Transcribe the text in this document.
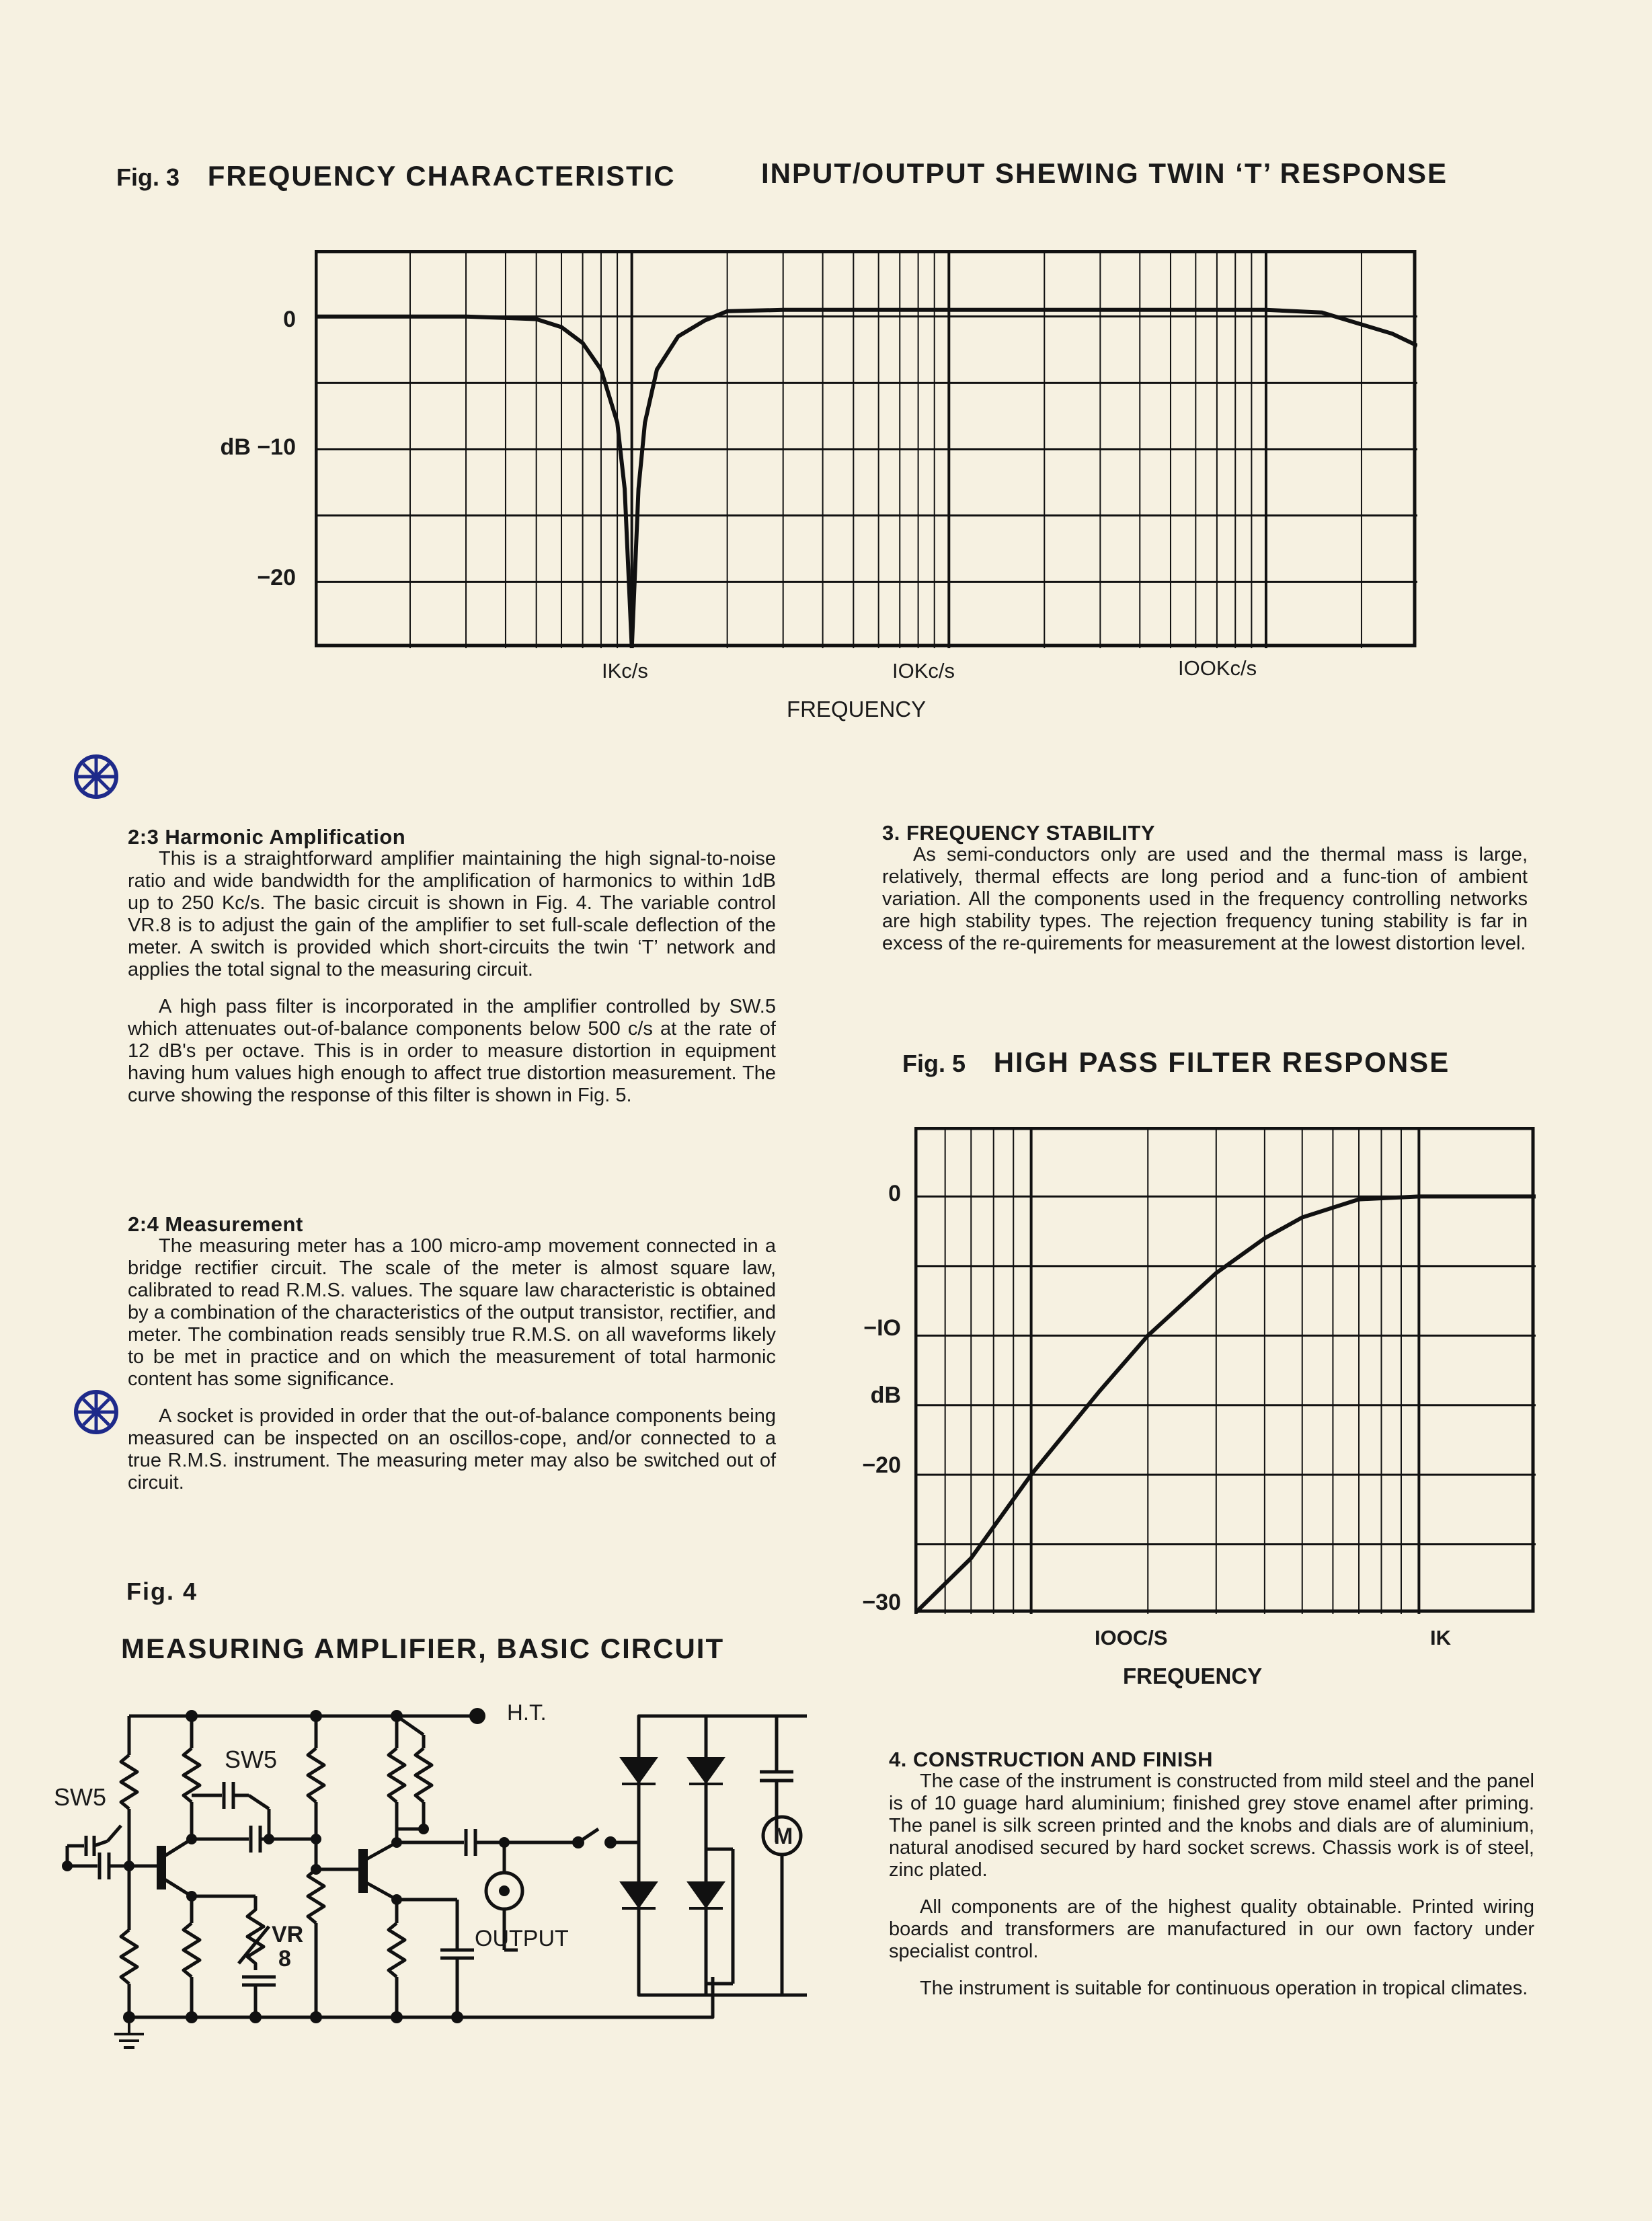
Fig. 3 FREQUENCY CHARACTERISTIC	INPUT/OUTPUT SHEWING TWIN ‘T’ RESPONSE
0
dB −10
−20
IKc/s	IOKc/s	IOOKc/s
FREQUENCY
2:3 Harmonic Amplification

This is a straightforward amplifier maintaining the high signal-to-noise ratio and wide bandwidth for the amplification of harmonics to within 1dB up to 250 Kc/s. The basic circuit is shown in Fig. 4. The variable control VR.8 is to adjust the gain of the amplifier to set full-scale deflection of the meter. A switch is provided which short-circuits the twin ‘T’ network and applies the total signal to the measuring circuit.

A high pass filter is incorporated in the amplifier controlled by SW.5 which attenuates out-of-balance components below 500 c/s at the rate of 12 dB's per octave. This is in order to measure distortion in equipment having hum values high enough to affect true distortion measurement. The curve showing the response of this filter is shown in Fig. 5.

2:4 Measurement

The measuring meter has a 100 micro-amp movement connected in a bridge rectifier circuit. The scale of the meter is almost square law, calibrated to read R.M.S. values. The square law characteristic is obtained by a combination of the characteristics of the output transistor, rectifier, and meter. The combination reads sensibly true R.M.S. on all waveforms likely to be met in practice and on which the measurement of total harmonic content has some significance.

A socket is provided in order that the out-of-balance components being measured can be inspected on an oscillos-cope, and/or connected to a true R.M.S. instrument. The measuring meter may also be switched out of circuit.

3. FREQUENCY STABILITY

As semi-conductors only are used and the thermal mass is large, relatively, thermal effects are long period and a func-tion of ambient variation. All the components used in the frequency controlling networks are high stability types. The rejection frequency tuning stability is far in excess of the re-quirements for measurement at the lowest distortion level.

Fig. 5 HIGH PASS FILTER RESPONSE
0
−IO
dB
−20
−30
IOOC/S	IK
FREQUENCY
4. CONSTRUCTION AND FINISH

The case of the instrument is constructed from mild steel and the panel is of 10 guage hard aluminium; finished grey stove enamel after priming. The panel is silk screen printed and the knobs and dials are of aluminium, natural anodised secured by hard socket screws. Chassis work is of steel, zinc plated.

All components are of the highest quality obtainable. Printed wiring boards and transformers are manufactured in our own factory under specialist control.

The instrument is suitable for continuous operation in tropical climates.

Fig. 4
MEASURING AMPLIFIER, BASIC CIRCUIT
H.T.
SW5
SW5
VR
8
OUTPUT
M
